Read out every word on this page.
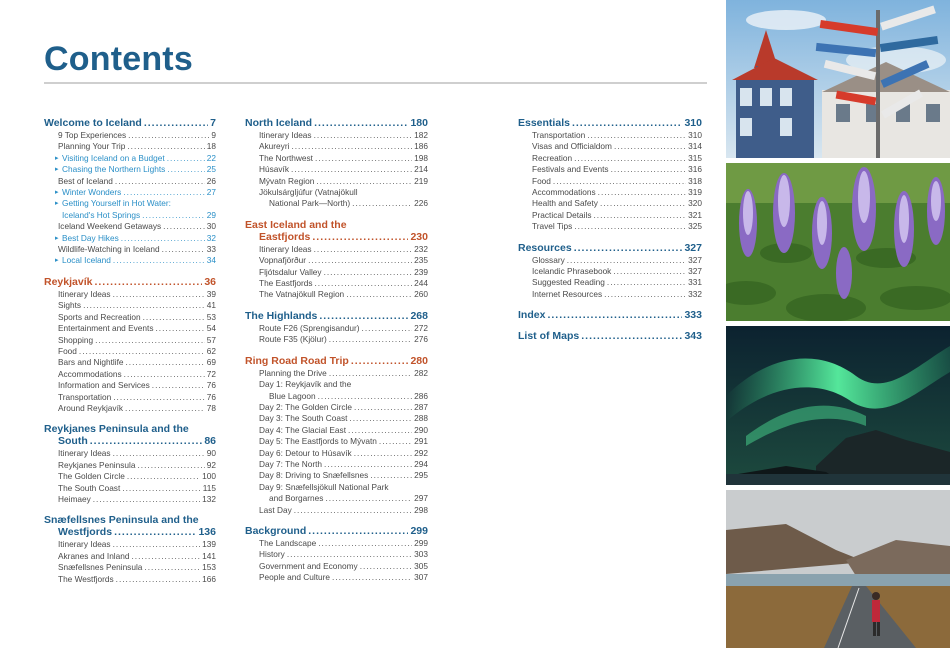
Contents
Welcome to Iceland .....	7
9 Top Experiences .....	9
Planning Your Trip .....	18
▸ Visiting Iceland on a Budget .....	22
▸ Chasing the Northern Lights .....	25
Best of Iceland .....	26
▸ Winter Wonders .....	27
▸ Getting Yourself in Hot Water:
Iceland's Hot Springs .....	29
Iceland Weekend Getaways .....	30
▸ Best Day Hikes .....	32
Wildlife-Watching in Iceland .....	33
▸ Local Iceland .....	34
Reykjavík .....	36
Itinerary Ideas .....	39
Sights .....	41
Sports and Recreation .....	53
Entertainment and Events .....	54
Shopping .....	57
Food .....	62
Bars and Nightlife .....	69
Accommodations .....	72
Information and Services .....	76
Transportation .....	76
Around Reykjavík .....	78
Reykjanes Peninsula and the
South .....	86
Itinerary Ideas .....	90
Reykjanes Peninsula .....	92
The Golden Circle .....	100
The South Coast .....	115
Heimaey .....	132
Snæfellsnes Peninsula and the
Westfjords .....	136
Itinerary Ideas .....	139
Akranes and Inland .....	141
Snæfellsnes Peninsula .....	153
The Westfjords .....	166
North Iceland .....	180
Itinerary Ideas .....	182
Akureyri .....	186
The Northwest .....	198
Húsavík .....	214
Mývatn Region .....	219
Jökulsárgljúfur (Vatnajökull
National Park—North) .....	226
East Iceland and the
Eastfjords .....	230
Itinerary Ideas .....	232
Vopnafjörður .....	235
Fljótsdalur Valley .....	239
The Eastfjords .....	244
The Vatnajökull Region .....	260
The Highlands .....	268
Route F26 (Sprengisandur) .....	272
Route F35 (Kjölur) .....	276
Ring Road Road Trip .....	280
Planning the Drive .....	282
Day 1: Reykjavík and the
Blue Lagoon .....	286
Day 2: The Golden Circle .....	287
Day 3: The South Coast .....	288
Day 4: The Glacial East .....	290
Day 5: The Eastfjords to Mývatn .....	291
Day 6: Detour to Húsavík .....	292
Day 7: The North .....	294
Day 8: Driving to Snæfellsnes .....	295
Day 9: Snæfellsjökull National Park
and Borgarnes .....	297
Last Day .....	298
Background .....	299
The Landscape .....	299
History .....	303
Government and Economy .....	305
People and Culture .....	307
Essentials .....	310
Transportation .....	310
Visas and Officialdom .....	314
Recreation .....	315
Festivals and Events .....	316
Food .....	318
Accommodations .....	319
Health and Safety .....	320
Practical Details .....	321
Travel Tips .....	325
Resources .....	327
Glossary .....	327
Icelandic Phrasebook .....	327
Suggested Reading .....	331
Internet Resources .....	332
Index .....	333
List of Maps .....	343
